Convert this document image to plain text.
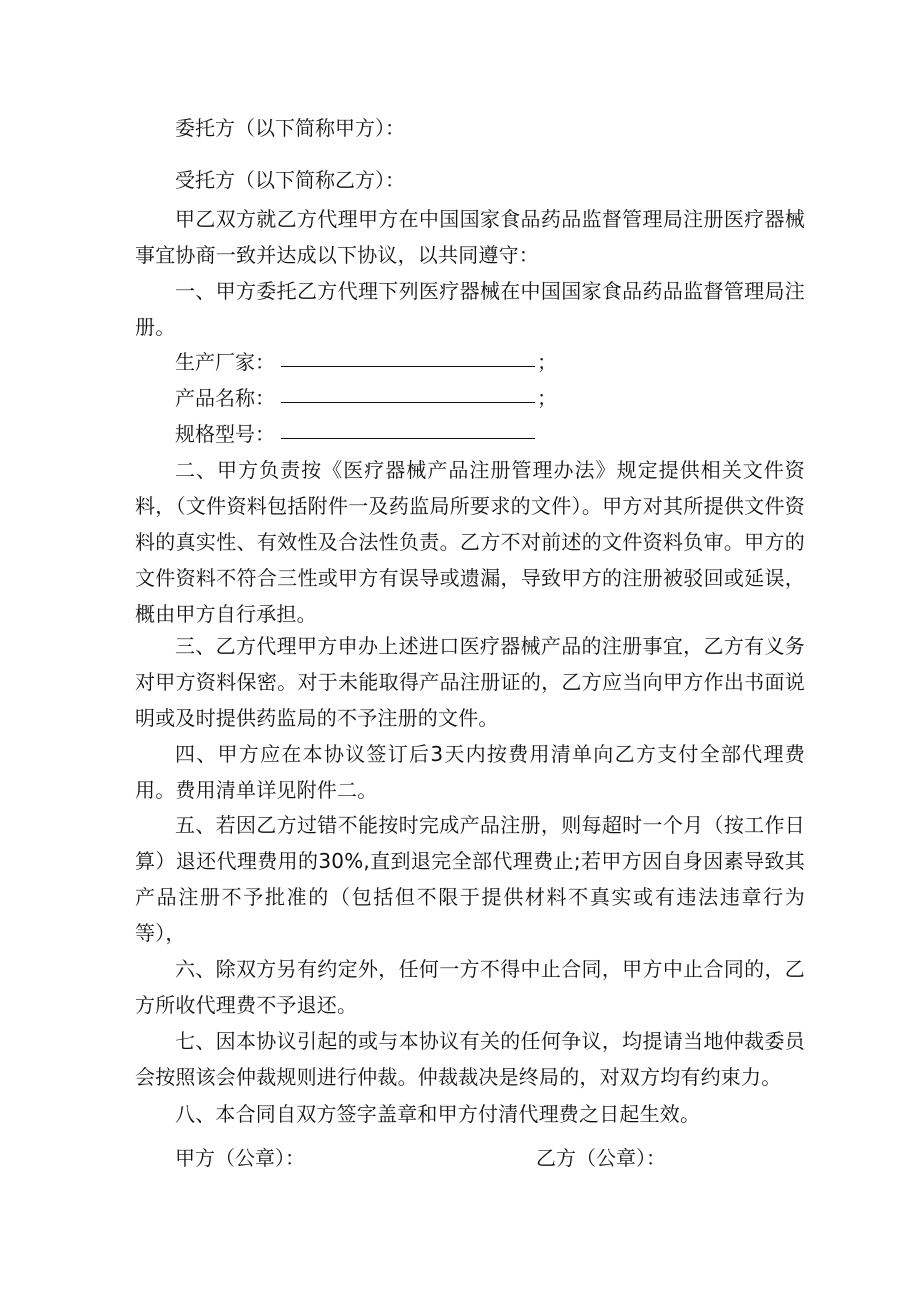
委托方（以下简称甲方）：
受托方（以下简称乙方）：
甲乙双方就乙方代理甲方在中国国家食品药品监督管理局注册医疗器械事宜协商一致并达成以下协议，以共同遵守：
一、甲方委托乙方代理下列医疗器械在中国国家食品药品监督管理局注册。
生产厂家：	；
产品名称：	；
规格型号：
二、甲方负责按《医疗器械产品注册管理办法》规定提供相关文件资料，（文件资料包括附件一及药监局所要求的文件）。甲方对其所提供文件资料的真实性、有效性及合法性负责。乙方不对前述的文件资料负审。甲方的文件资料不符合三性或甲方有误导或遗漏，导致甲方的注册被驳回或延误，概由甲方自行承担。
三、乙方代理甲方申办上述进口医疗器械产品的注册事宜，乙方有义务对甲方资料保密。对于未能取得产品注册证的，乙方应当向甲方作出书面说明或及时提供药监局的不予注册的文件。
四、甲方应在本协议签订后3天内按费用清单向乙方支付全部代理费用。费用清单详见附件二。
五、若因乙方过错不能按时完成产品注册，则每超时一个月（按工作日算）退还代理费用的30%,直到退完全部代理费止;若甲方因自身因素导致其产品注册不予批准的（包括但不限于提供材料不真实或有违法违章行为等），
六、除双方另有约定外，任何一方不得中止合同，甲方中止合同的，乙方所收代理费不予退还。
七、因本协议引起的或与本协议有关的任何争议，均提请当地仲裁委员会按照该会仲裁规则进行仲裁。仲裁裁决是终局的，对双方均有约束力。
八、本合同自双方签字盖章和甲方付清代理费之日起生效。
甲方（公章）：	乙方（公章）：
